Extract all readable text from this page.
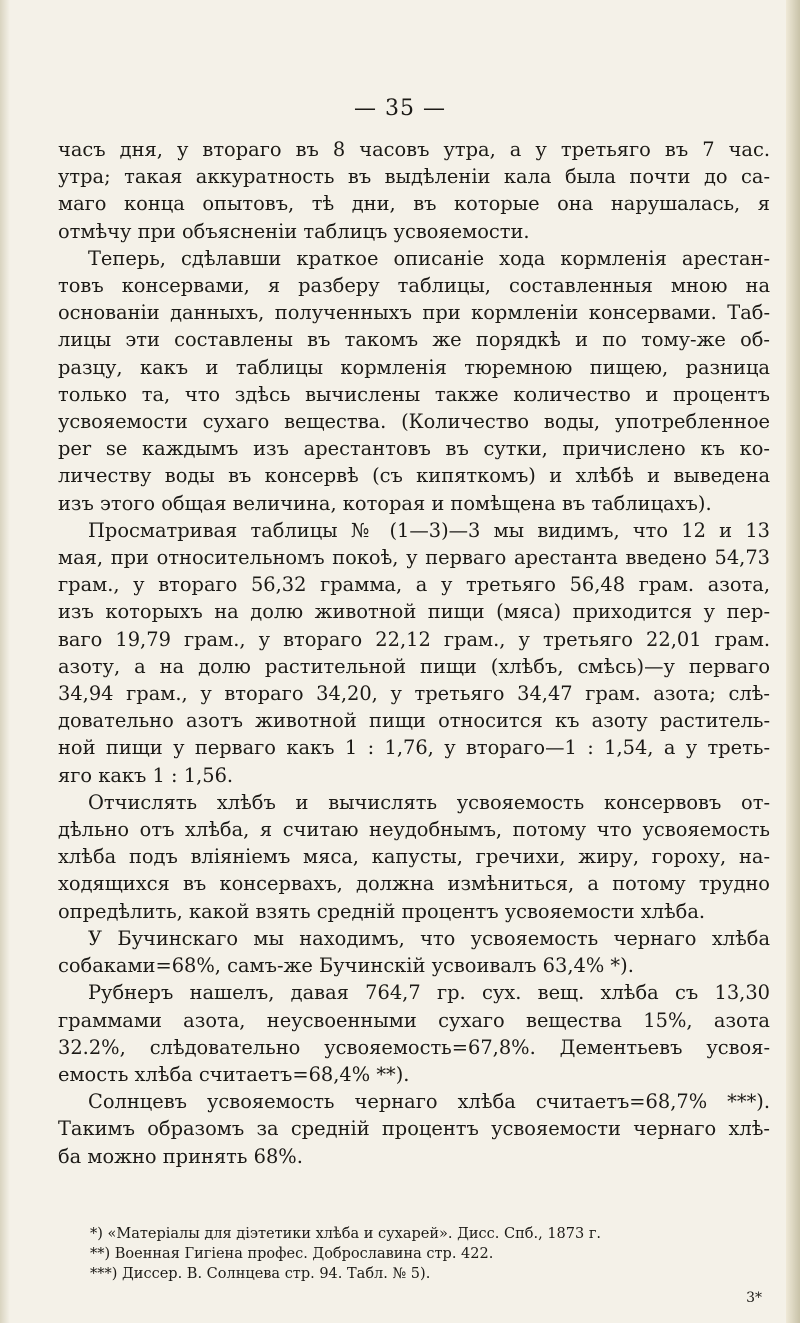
— 35 —

часъ дня, у втораго въ 8 часовъ утра, а у третьяго въ 7 час.
утра; такая аккуратность въ выдѣленіи кала была почти до са-
маго конца опытовъ, тѣ дни, въ которые она нарушалась, я
отмѣчу при объясненіи таблицъ усвояемости.

Теперь, сдѣлавши краткое описаніе хода кормленія арестан-
товъ консервами, я разберу таблицы, составленныя мною на
основаніи данныхъ, полученныхъ при кормленіи консервами. Таб-
лицы эти составлены въ такомъ же порядкѣ и по тому-же об-
разцу, какъ и таблицы кормленія тюремною пищею, разница
только та, что здѣсь вычислены также количество и процентъ
усвояемости сухаго вещества. (Количество воды, употребленное
per se каждымъ изъ арестантовъ въ сутки, причислено къ ко-
личеству воды въ консервѣ (съ кипяткомъ) и хлѣбѣ и выведена
изъ этого общая величина, которая и помѣщена въ таблицахъ).

Просматривая таблицы № (1—3)—3 мы видимъ, что 12 и 13
мая, при относительномъ покоѣ, у перваго арестанта введено 54,73
грам., у втораго 56,32 грамма, а у третьяго 56,48 грам. азота,
изъ которыхъ на долю животной пищи (мяса) приходится у пер-
ваго 19,79 грам., у втораго 22,12 грам., у третьяго 22,01 грам.
азоту, а на долю растительной пищи (хлѣбъ, смѣсь)—у перваго
34,94 грам., у втораго 34,20, у третьяго 34,47 грам. азота; слѣ-
довательно азотъ животной пищи относится къ азоту раститель-
ной пищи у перваго какъ 1 : 1,76, у втораго—1 : 1,54, а у треть-
яго какъ 1 : 1,56.

Отчислять хлѣбъ и вычислять усвояемость консервовъ от-
дѣльно отъ хлѣба, я считаю неудобнымъ, потому что усвояемость
хлѣба подъ вліяніемъ мяса, капусты, гречихи, жиру, гороху, на-
ходящихся въ консервахъ, должна измѣниться, а потому трудно
опредѣлить, какой взять среднiй процентъ усвояемости хлѣба.

У Бучинскаго мы находимъ, что усвояемость чернаго хлѣба
собаками=68%, самъ-же Бучинскій усвоивалъ 63,4% *).

Рубнеръ нашелъ, давая 764,7 гр. сух. вещ. хлѣба съ 13,30
граммами азота, неусвоенными сухаго вещества 15%, азота
32.2%, слѣдовательно усвояемость=67,8%. Дементьевъ усвоя-
емость хлѣба считаетъ=68,4% **).

Солнцевъ усвояемость чернаго хлѣба считаетъ=68,7% ***).
Такимъ образомъ за средній процентъ усвояемости чернаго хлѣ-
ба можно принять 68%.

*) «Матеріалы для діэтетики хлѣба и сухарей». Дисс. Спб., 1873 г.
**) Военная Гигіена профес. Доброславина стр. 422.
***) Диссер. В. Солнцева стр. 94. Табл. № 5).
3*
